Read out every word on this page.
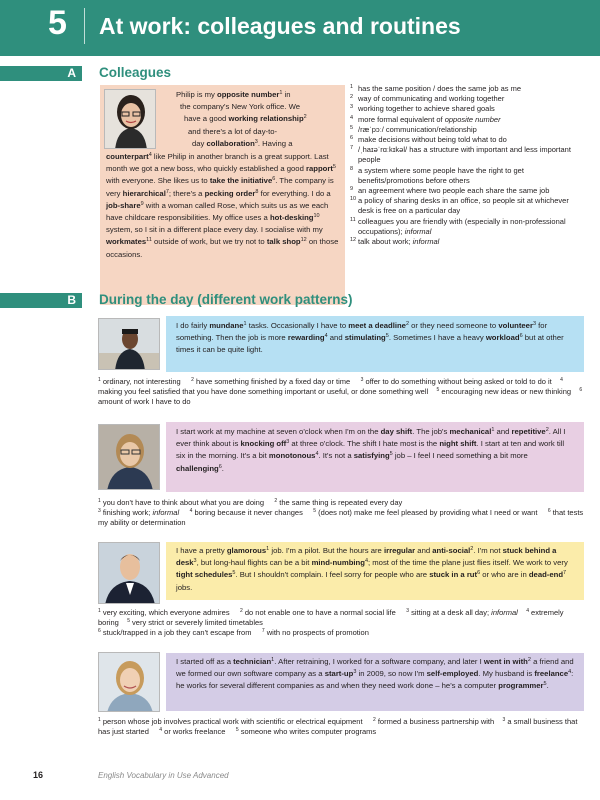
5 At work: colleagues and routines
A Colleagues
Philip is my opposite number$^1$ in
the company's New York office. We
have a good working relationship$^2$
and there's a lot of day-to-
day collaboration$^3$. Having a
counterpart$^4$ like Philip in another branch is a great support. Last month we got a new boss, who quickly established a good rapport$^5$ with everyone. She likes us to take the initiative$^6$. The company is very hierarchical$^7$; there's a pecking order$^8$ for everything. I do a job-share$^9$ with a woman called Rose, which suits us as we each have childcare responsibilities. My office uses a hot-desking$^{10}$ system, so I sit in a different place every day. I socialise with my workmates$^{11}$ outside of work, but we try not to talk shop$^{12}$ on those occasions.
1 has the same position / does the same job as me
2 way of communicating and working together
3 working together to achieve shared goals
4 more formal equivalent of opposite number
5 /ræˈpɔː/ communication/relationship
6 make decisions without being told what to do
7 /ˌhaɪəˈrɑːkɪkəl/ has a structure with important and less important people
8 a system where some people have the right to get benefits/promotions before others
9 an agreement where two people each share the same job
10 a policy of sharing desks in an office, so people sit at whichever desk is free on a particular day
11 colleagues you are friendly with (especially in non-professional occupations); informal
12 talk about work; informal
B During the day (different work patterns)
I do fairly mundane$^1$ tasks. Occasionally I have to meet a deadline$^2$ or they need someone to volunteer$^3$ for something. Then the job is more rewarding$^4$ and stimulating$^5$. Sometimes I have a heavy workload$^6$ but at other times it can be quite light.
$^1$ ordinary, not interesting     $^2$ have something finished by a fixed day or time     $^3$ offer to do something without being asked or told to do it    $^4$ making you feel satisfied that you have done something important or useful, or done something well    $^5$ encouraging new ideas or new thinking    $^6$ amount of work I have to do
I start work at my machine at seven o'clock when I'm on the day shift. The job's mechanical$^1$ and repetitive$^2$. All I ever think about is knocking off$^3$ at three o'clock. The shift I hate most is the night shift. I start at ten and work till six in the morning. It's a bit monotonous$^4$. It's not a satisfying$^5$ job – I feel I need something a bit more challenging$^6$.
$^1$ you don't have to think about what you are doing     $^2$ the same thing is repeated every day
$^3$ finishing work; informal $^4$ boring because it never changes     $^5$ (does not) make me feel pleased by providing what I need or want     $^6$ that tests my ability or determination
I have a pretty glamorous$^1$ job. I'm a pilot. But the hours are irregular and anti-social$^2$. I'm not stuck behind a desk$^3$, but long-haul flights can be a bit mind-numbing$^4$; most of the time the plane just flies itself. We work to very tight schedules$^5$. But I shouldn't complain. I feel sorry for people who are stuck in a rut$^6$ or who are in dead-end$^7$ jobs.
$^1$ very exciting, which everyone admires     $^2$ do not enable one to have a normal social life     $^3$ sitting at a desk all day; informal $^4$ extremely boring    $^5$ very strict or severely limited timetables
$^6$ stuck/trapped in a job they can't escape from     $^7$ with no prospects of promotion
I started off as a technician$^1$. After retraining, I worked for a software company, and later I went in with$^2$ a friend and we formed our own software company as a start-$up^3$ in 2009, so now I'm self-employed. My husband is freelance$^4$: he works for several different companies as and when they need work done – he's a computer programmer$^5$.
$^1$ person whose job involves practical work with scientific or electrical equipment     $^2$ formed a business partnership with    $^3$ a small business that has just started     $^4$ or works freelance     $^5$ someone who writes computer programs
16	English Vocabulary in Use Advanced
